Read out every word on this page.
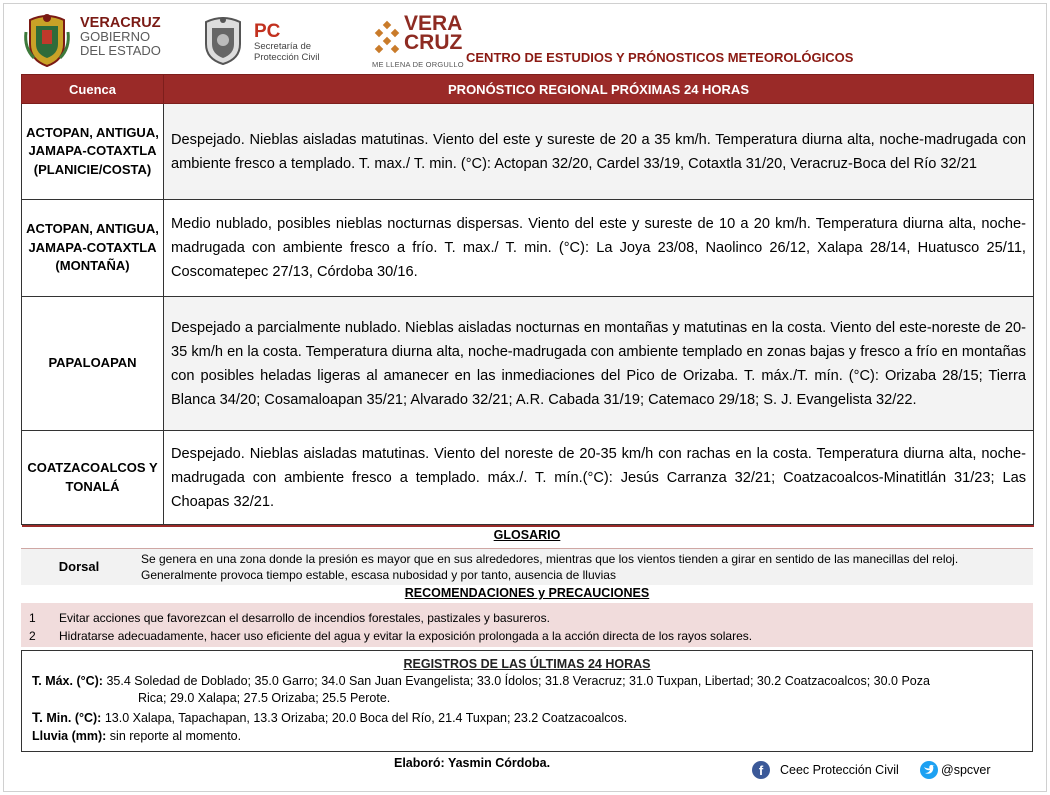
VERACRUZ
GOBIERNO
DEL ESTADO
PC
Secretaría de
Protección Civil
VERA
CRUZ
ME LLENA DE ORGULLO CENTRO DE ESTUDIOS Y PRÓNOSTICOS METEOROLÓGICOS
Cuenca	PRONÓSTICO REGIONAL PRÓXIMAS 24 HORAS
ACTOPAN, ANTIGUA, JAMAPA-COTAXTLA (PLANICIE/COSTA)	Despejado. Nieblas aisladas matutinas. Viento del este y sureste de 20 a 35 km/h. Temperatura diurna alta, noche-madrugada con ambiente fresco a templado. T. max./ T. min. (°C): Actopan 32/20, Cardel 33/19, Cotaxtla 31/20, Veracruz-Boca del Río 32/21
ACTOPAN, ANTIGUA, JAMAPA-COTAXTLA (MONTAÑA)	Medio nublado, posibles nieblas nocturnas dispersas. Viento del este y sureste de 10 a 20 km/h. Temperatura diurna alta, noche-madrugada con ambiente fresco a frío. T. max./ T. min. (°C): La Joya 23/08, Naolinco 26/12, Xalapa 28/14, Huatusco 25/11, Coscomatepec 27/13, Córdoba 30/16.
PAPALOAPAN	Despejado a parcialmente nublado. Nieblas aisladas nocturnas en montañas y matutinas en la costa. Viento del este-noreste de 20-35 km/h en la costa. Temperatura diurna alta, noche-madrugada con ambiente templado en zonas bajas y fresco a frío en montañas con posibles heladas ligeras al amanecer en las inmediaciones del Pico de Orizaba. T. máx./T. mín. (°C): Orizaba 28/15; Tierra Blanca 34/20; Cosamaloapan 35/21; Alvarado 32/21; A.R. Cabada 31/19; Catemaco 29/18; S. J. Evangelista 32/22.
COATZACOALCOS Y TONALÁ	Despejado. Nieblas aisladas matutinas. Viento del noreste de 20-35 km/h con rachas en la costa. Temperatura diurna alta, noche-madrugada con ambiente fresco a templado. máx./. T. mín.(°C): Jesús Carranza 32/21; Coatzacoalcos-Minatitlán 31/23; Las Choapas 32/21.

GLOSARIO
Dorsal	Se genera en una zona donde la presión es mayor que en sus alrededores, mientras que los vientos tienden a girar en sentido de las manecillas del reloj. Generalmente provoca tiempo estable, escasa nubosidad y por tanto, ausencia de lluvias
RECOMENDACIONES y PRECAUCIONES
1 Evitar acciones que favorezcan el desarrollo de incendios forestales, pastizales y basureros.
2 Hidratarse adecuadamente, hacer uso eficiente del agua y evitar la exposición prolongada a la acción directa de los rayos solares.
REGISTROS DE LAS ÚLTIMAS 24 HORAS
T. Máx. (°C): 35.4 Soledad de Doblado; 35.0 Garro; 34.0 San Juan Evangelista; 33.0 Ídolos; 31.8 Veracruz; 31.0 Tuxpan, Libertad; 30.2 Coatzacoalcos; 30.0 Poza
Rica; 29.0 Xalapa; 27.5 Orizaba; 25.5 Perote.
T. Min. (°C): 13.0 Xalapa, Tapachapan, 13.3 Orizaba; 20.0 Boca del Río, 21.4 Tuxpan; 23.2 Coatzacoalcos.
Lluvia (mm): sin reporte al momento.
Elaboró: Yasmin Córdoba.	f	Ceec Protección Civil	@spcver
